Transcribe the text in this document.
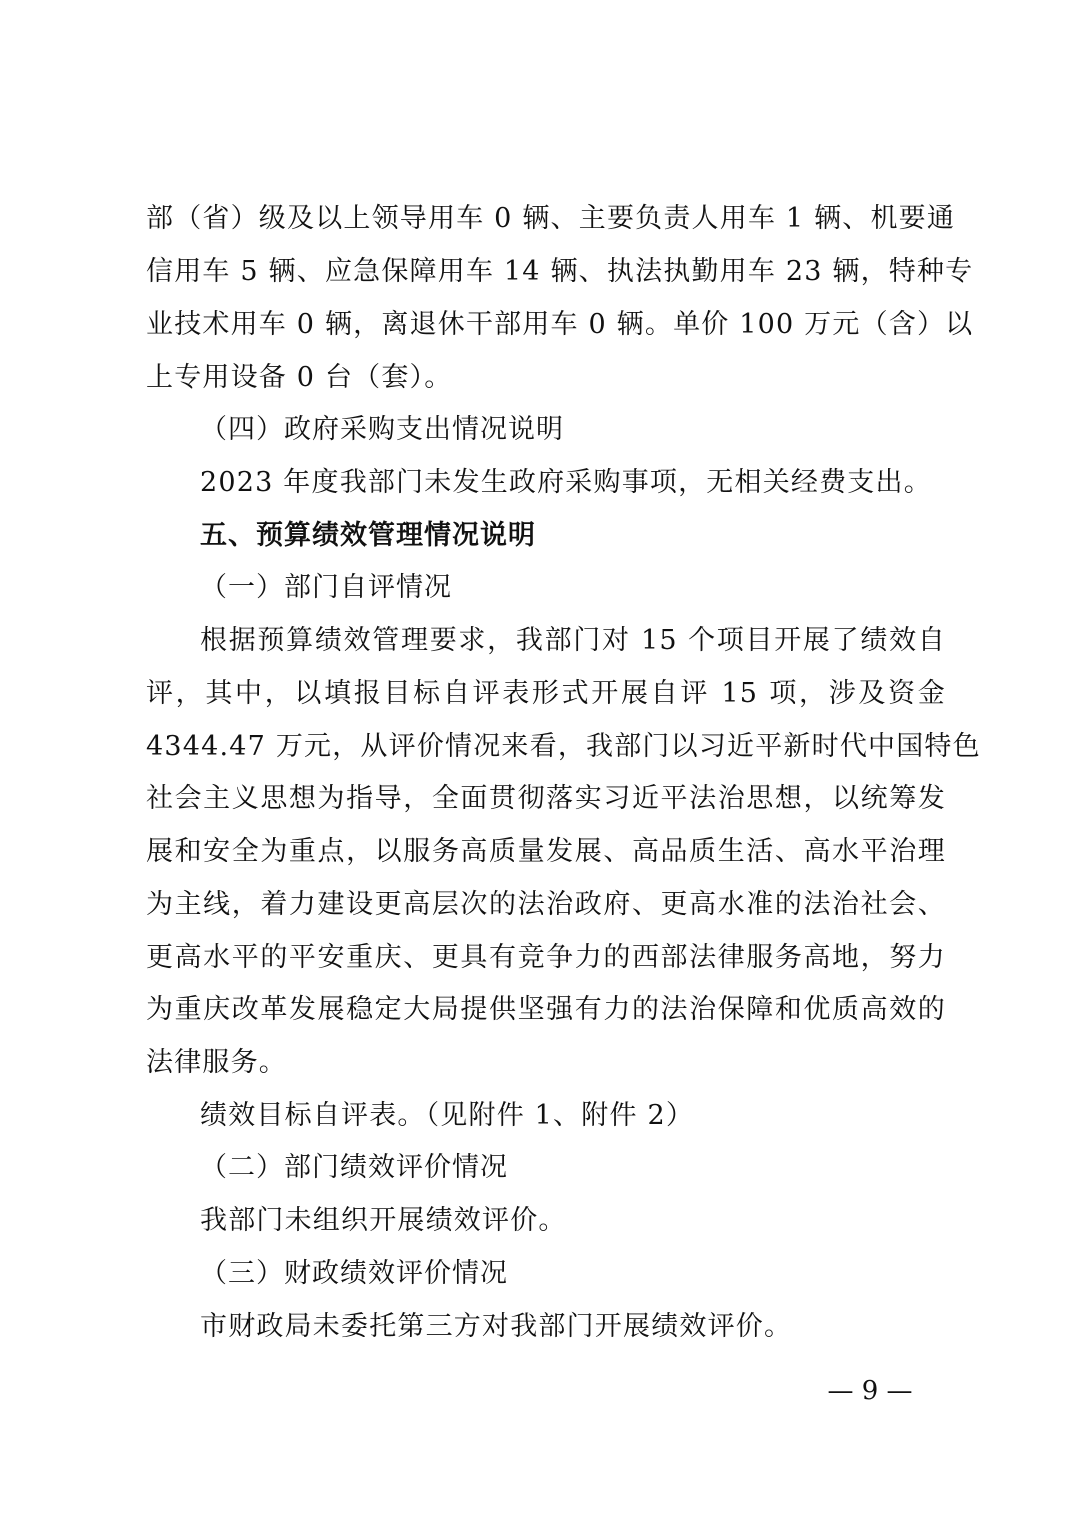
部（省）级及以上领导用车 0 辆、主要负责人用车 1 辆、机要通
信用车 5 辆、应急保障用车 14 辆、执法执勤用车 23 辆，特种专
业技术用车 0 辆，离退休干部用车 0 辆。单价 100 万元（含）以
上专用设备 0 台（套）。
（四）政府采购支出情况说明
2023 年度我部门未发生政府采购事项，无相关经费支出。
五、预算绩效管理情况说明
（一）部门自评情况
根据预算绩效管理要求，我部门对 15 个项目开展了绩效自
评，其中，以填报目标自评表形式开展自评 15 项，涉及资金
4344.47 万元，从评价情况来看，我部门以习近平新时代中国特色
社会主义思想为指导，全面贯彻落实习近平法治思想，以统筹发
展和安全为重点，以服务高质量发展、高品质生活、高水平治理
为主线，着力建设更高层次的法治政府、更高水准的法治社会、
更高水平的平安重庆、更具有竞争力的西部法律服务高地，努力
为重庆改革发展稳定大局提供坚强有力的法治保障和优质高效的
法律服务。
绩效目标自评表。（见附件 1、附件 2）
（二）部门绩效评价情况
我部门未组织开展绩效评价。
（三）财政绩效评价情况
市财政局未委托第三方对我部门开展绩效评价。
— 9 —
